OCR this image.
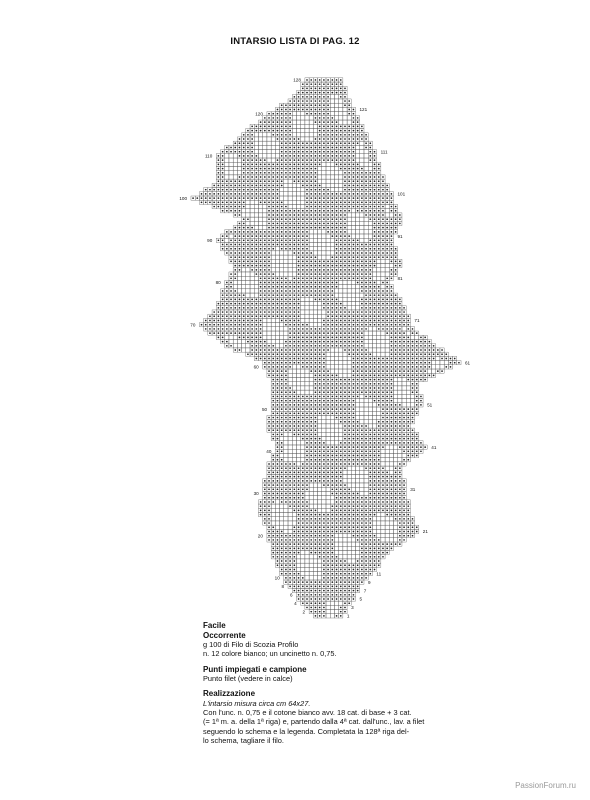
INTARSIO LISTA DI PAG. 12
128
121
120
111
110
101
100
91
90
81
80
71
70
61
60
51
50
41
40
31
30
21
20
11
10
9
8
7
6
5
4
3
2
1
Facile
Occorrente
g 100 di Filo di Scozia Profilo
n. 12 colore bianco; un uncinetto n. 0,75.
Punti impiegati e campione
Punto filet (vedere in calce)
Realizzazione
L'intarsio misura circa cm 64x27.
Con l'unc. n. 0,75 e il cotone bianco avv. 18 cat. di base + 3 cat.
(= 1ª m. a. della 1ª riga) e, partendo dalla 4ª cat. dall'unc., lav. a filet
seguendo lo schema e la legenda. Completata la 128ª riga del-
lo schema, tagliare il filo.
PassionForum.ru
